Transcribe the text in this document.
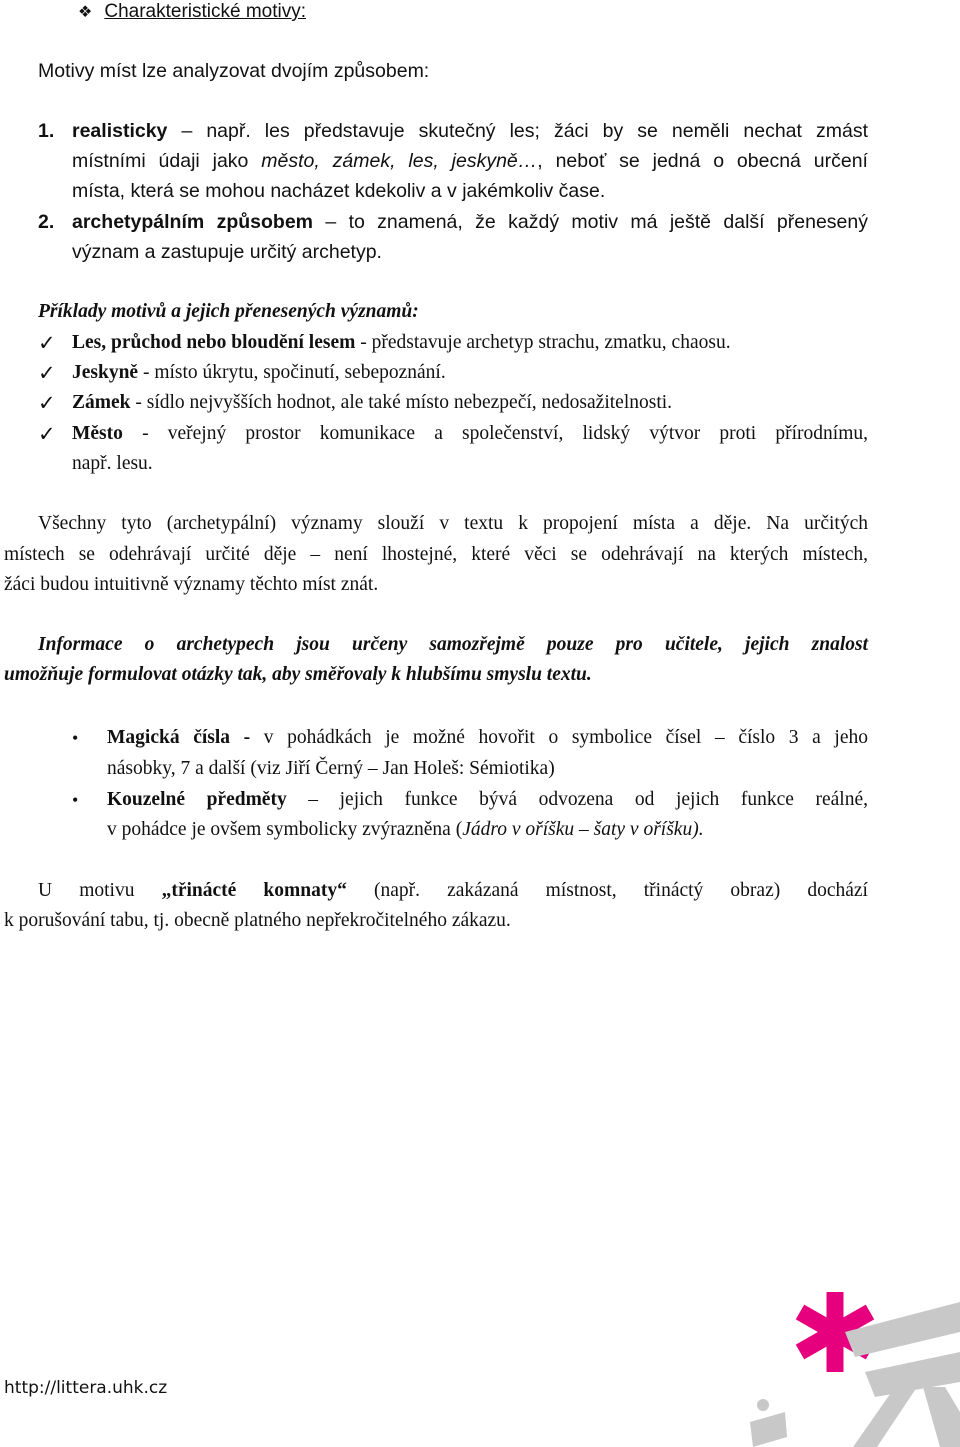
❖ Charakteristické motivy:
Motivy míst lze analyzovat dvojím způsobem:
1. realisticky – např. les představuje skutečný les; žáci by se neměli nechat zmást
místními údaji jako město, zámek, les, jeskyně…, neboť se jedná o obecná určení
místa, která se mohou nacházet kdekoliv a v jakémkoliv čase.
2. archetypálním způsobem – to znamená, že každý motiv má ještě další přenesený
význam a zastupuje určitý archetyp.
Příklady motivů a jejich přenesených významů:
✓ Les, průchod nebo bloudění lesem - představuje archetyp strachu, zmatku, chaosu.
✓ Jeskyně - místo úkrytu, spočinutí, sebepoznání.
✓ Zámek - sídlo nejvyšších hodnot, ale také místo nebezpečí, nedosažitelnosti.
✓ Město - veřejný prostor komunikace a společenství, lidský výtvor proti přírodnímu,
např. lesu.
Všechny tyto (archetypální) významy slouží v textu k propojení místa a děje. Na určitých
místech se odehrávají určité děje – není lhostejné, které věci se odehrávají na kterých místech,
žáci budou intuitivně významy těchto míst znát.
Informace o archetypech jsou určeny samozřejmě pouze pro učitele, jejich znalost
umožňuje formulovat otázky tak, aby směřovaly k hlubšímu smyslu textu.
• Magická čísla - v pohádkách je možné hovořit o symbolice čísel – číslo 3 a jeho
násobky, 7 a další (viz Jiří Černý – Jan Holeš: Sémiotika)
• Kouzelné předměty – jejich funkce bývá odvozena od jejich funkce reálné,
v pohádce je ovšem symbolicky zvýrazněna (Jádro v oříšku – šaty v oříšku).
U motivu „třinácté komnaty“ (např. zakázaná místnost, třináctý obraz) dochází
k porušování tabu, tj. obecně platného nepřekročitelného zákazu.
http://littera.uhk.cz
